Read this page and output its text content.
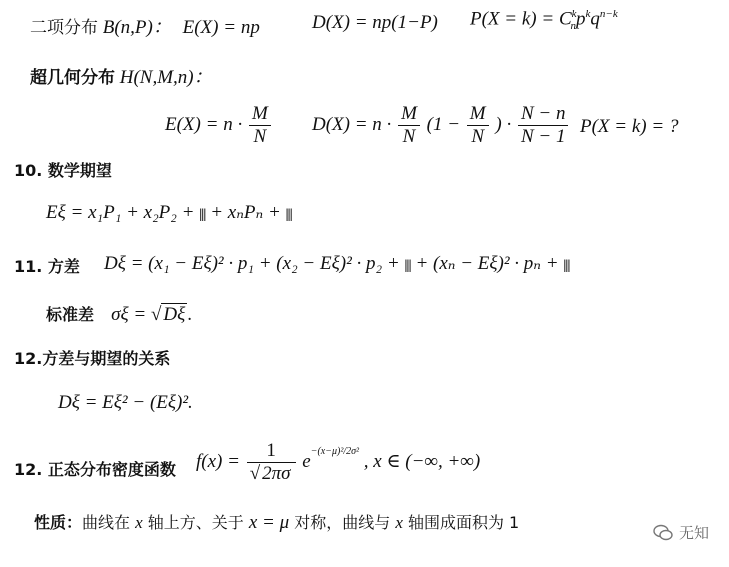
二项分布 B(n,P)： E(X) = np	D(X) = np(1−P) $P(X = k) = C^k_np^kq^{n-k}$
超几何分布 H(N,M,n)：
$E(X) = n \cdot \frac{M}{N} D(X) = n \cdot \frac{M}{N} (1 - \frac{M}{N}$ ) · $\frac{N - n}{N - 1} P(X = k)$ = ?
10. 数学期望
Eξ = x₁P₁ + x₂P₂ + ||| + xₙPₙ + |||
11. 方差 Dξ = (x₁ − Eξ)² · p₁ + (x₂ − Eξ)² · p₂ + ||| + (xₙ − Eξ)² · pₙ + |||
标准差 σξ = √ Dξ .
12.方差与期望的关系
Dξ = Eξ² − (Eξ)².
12. 正态分布密度函数 $f(x) = \frac{1}{√ 2\pi\sigma} e^{-(x-\mu)^2/2\sigma^2}$ , x ∈ (−∞, +∞)
性质：曲线在 x 轴上方、关于 x = μ 对称，曲线与 x 轴围成面积为 1
无知
